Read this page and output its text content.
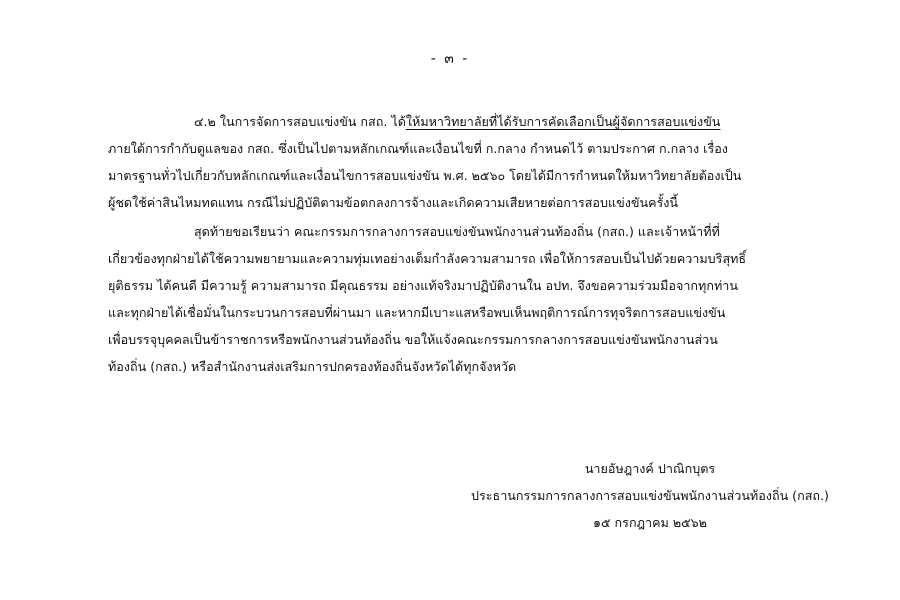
- ๓ -
๔.๒ ในการจัดการสอบแข่งขัน กสถ. ได้ให้มหาวิทยาลัยที่ได้รับการคัดเลือกเป็นผู้จัดการสอบแข่งขัน
ภายใต้การกำกับดูแลของ กสถ. ซึ่งเป็นไปตามหลักเกณฑ์และเงื่อนไขที่ ก.กลาง กำหนดไว้ ตามประกาศ ก.กลาง เรื่อง
มาตรฐานทั่วไปเกี่ยวกับหลักเกณฑ์และเงื่อนไขการสอบแข่งขัน พ.ศ. ๒๕๖๐ โดยได้มีการกำหนดให้มหาวิทยาลัยต้องเป็น
ผู้ชดใช้ค่าสินไหมทดแทน กรณีไม่ปฏิบัติตามข้อตกลงการจ้างและเกิดความเสียหายต่อการสอบแข่งขันครั้งนี้
สุดท้ายขอเรียนว่า คณะกรรมการกลางการสอบแข่งขันพนักงานส่วนท้องถิ่น (กสถ.) และเจ้าหน้าที่ที่
เกี่ยวข้องทุกฝ่ายได้ใช้ความพยายามและความทุ่มเทอย่างเต็มกำลังความสามารถ เพื่อให้การสอบเป็นไปด้วยความบริสุทธิ์
ยุติธรรม ได้คนดี มีความรู้ ความสามารถ มีคุณธรรม อย่างแท้จริงมาปฏิบัติงานใน อปท. จึงขอความร่วมมือจากทุกท่าน
และทุกฝ่ายได้เชื่อมั่นในกระบวนการสอบที่ผ่านมา และหากมีเบาะแสหรือพบเห็นพฤติการณ์การทุจริตการสอบแข่งขัน
เพื่อบรรจุบุคคลเป็นข้าราชการหรือพนักงานส่วนท้องถิ่น ขอให้แจ้งคณะกรรมการกลางการสอบแข่งขันพนักงานส่วน
ท้องถิ่น (กสถ.) หรือสำนักงานส่งเสริมการปกครองท้องถิ่นจังหวัดได้ทุกจังหวัด
นายอัษฎางค์ ปาณิกบุตร
ประธานกรรมการกลางการสอบแข่งขันพนักงานส่วนท้องถิ่น (กสถ.)
๑๕ กรกฎาคม ๒๕๖๒
